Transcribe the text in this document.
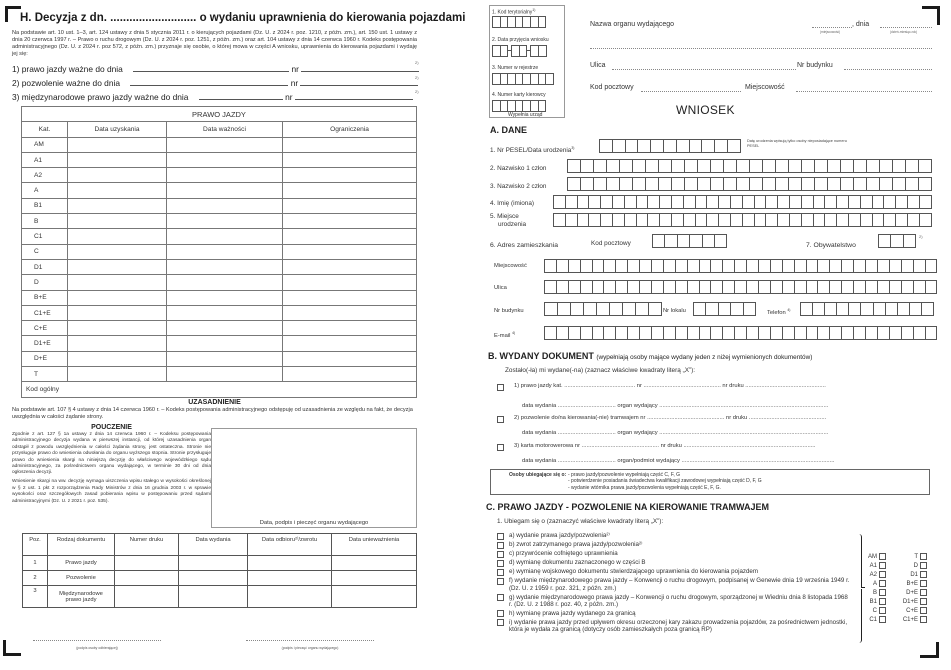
H. Decyzja z dn. ........................... o wydaniu uprawnienia do kierowania pojazdami
Na podstawie art. 10 ust. 1–3, art. 124 ustawy z dnia 5 stycznia 2011 r. o kierujących pojazdami (Dz. U. z 2024 r. poz. 1210, z późn. zm.), art. 150 ust. 1 ustawy z dnia 20 czerwca 1997 r. – Prawo o ruchu drogowym (Dz. U. z 2024 r. poz. 1251, z późn. zm.) oraz art. 104 ustawy z dnia 14 czerwca 1960 r. Kodeks postępowania administracyjnego (Dz. U. z 2024 r. poz 572, z późn. zm.) przyznaje się osobie, o której mowa w części A wniosku, uprawnienia do kierowania pojazdami i wydaję jej się:
1) prawo jazdy ważne do dnia	nr
2) pozwolenie ważne do dnia	nr
3) międzynarodowe prawo jazdy ważne do dnia	nr
2)
2)
2)
PRAWO JAZDY			
Kat.	Data uzyskania	Data ważności	Ograniczenia
AM			
A1			
A2			
A			
B1			
B			
C1			
C			
D1			
D			
B+E			
C1+E			
C+E			
D1+E			
D+E			
T			
Kod ogólny			
UZASADNIENIE
Na podstawie art. 107 § 4 ustawy z dnia 14 czerwca 1960 r. – Kodeks postępowania administracyjnego odstępuję od uzasadnienia ze względu na fakt, że decyzja uwzględnia w całości żądanie strony.
POUCZENIE

Zgodnie z art. 127 § 1a ustawy z dnia 14 czerwca 1960 r. – Kodeksu postępowania administracyjnego decyzja wydana w pierwszej instancji, od której uzasadnienia organ odstąpił z powodu uwzględnienia w całości żądania strony, jest ostateczna. Stronie nie przysługuje prawo do wniesienia odwołania do organu wyższego stopnia. Stronie przysługuje prawo do wniesienia skargi na niniejszą decyzję do właściwego wojewódzkiego sądu administracyjnego, za pośrednictwem organu wydającego, w terminie 30 dni od dnia ogłoszenia decyzji.

Wniesienie skargi na ww. decyzję wymaga uiszczenia wpisu stałego w wysokości określonej w § 2 ust. 1 pkt 2 rozporządzenia Rady Ministrów z dnia 16 grudnia 2003 r. w sprawie wysokości oraz szczegółowych zasad pobierania wpisu w postępowaniu przed sądami administracyjnymi (Dz. U. z 2021 r. poz. 535).

Data, podpis i pieczęć organu wydającego
Poz.	Rodzaj dokumentu	Numer druku	Data wydania	Data odbioru²⁾/zwrotu	Data unieważnienia
1	Prawo jazdy				
2	Pozwolenie				
3	Międzynarodowe prawo jazdy				
(podpis osoby odbierającej)	(podpis i pieczęć organu wydającego)
1. Kod terytorialny$^{1)}$
2. Data przyjęcia wniosku
3. Numer w rejestrze
4. Numer karty kierowcy
Wypełnia urząd
Nazwa organu wydającego
(miejscowość)
, dnia
(dzień-miesiąc-rok)
Ulica	Nr budynku
Kod pocztowy	Miejscowość
WNIOSEK
A. DANE
1. Nr PESEL/Data urodzenia$^{3)}$
Datę urodzenia wpisują tylko osoby nieposiadające numeru PESEL
2. Nazwisko 1 człon
3. Nazwisko 2 człon
4. Imię (imiona)
5. Miejsce
urodzenia
6. Adres zamieszkania	Kod pocztowy	7. Obywatelstwo
2)
Miejscowość
Ulica
Nr budynku	Nr lokalu	Telefon $^{4)}$
E-mail $^{4)}$
B. WYDANY DOKUMENT (wypełniają osoby mające wydany jeden z niżej wymienionych dokumentów)
Zostało(-ła) mi wydane(-na) (zaznacz właściwe kwadraty literą „X”):
1) prawo jazdy kat. ............................................ nr ................................................ nr druku ..................................................
data wydania .................................... organ wydający .........................................................................................................
2) pozwolenie do/na kierowania(-nie) tramwajem nr ................................................ nr druku ................................................
data wydania .................................... organ wydający .........................................................................................................
3) karta motorowerowa nr ................................................ nr druku ..................................................................................
data wydania .................................... organ/podmiot wydający ...............................................................................................
Osoby ubiegające się o: - prawo jazdy/pozwolenie wypełniają część C, F, G
- potwierdzenie posiadania świadectwa kwalifikacji zawodowej wypełniają część D, F, G
- wydanie wtórnika prawa jazdy/pozwolenia wypełniają część E, F, G.
C. PRAWO JAZDY - POZWOLENIE NA KIEROWANIE TRAMWAJEM
1. Ubiegam się o (zaznaczyć właściwe kwadraty literą „X”):
a) wydanie prawa jazdy/pozwolenia²⁾
b) zwrot zatrzymanego prawa jazdy/pozwolenia²⁾
c) przywrócenie cofniętego uprawnienia
d) wymianę dokumentu zaznaczonego w części B
e) wymianę wojskowego dokumentu stwierdzającego uprawnienia do kierowania pojazdem
f) wydanie międzynarodowego prawa jazdy – Konwencji o ruchu drogowym, podpisanej w Genewie dnia 19 września 1949 r. (Dz. U. z 1959 r. poz. 321, z późn. zm.)
g) wydanie międzynarodowego prawa jazdy – Konwencji o ruchu drogowym, sporządzonej w Wiedniu dnia 8 listopada 1968 r. (Dz. U. z 1988 r. poz. 40, z późn. zm.)
h) wymianę prawa jazdy wydanego za granicą
i) wydanie prawa jazdy przed upływem okresu orzeczonej kary zakazu prowadzenia pojazdów, za pośrednictwem jednostki, która je wydała za granicą (dotyczy osób zamieszkałych poza granicą RP)
AM
A1
A2
A
B
B1
C
C1
T
D
D1
B+E
D+E
D1+E
C+E
C1+E
